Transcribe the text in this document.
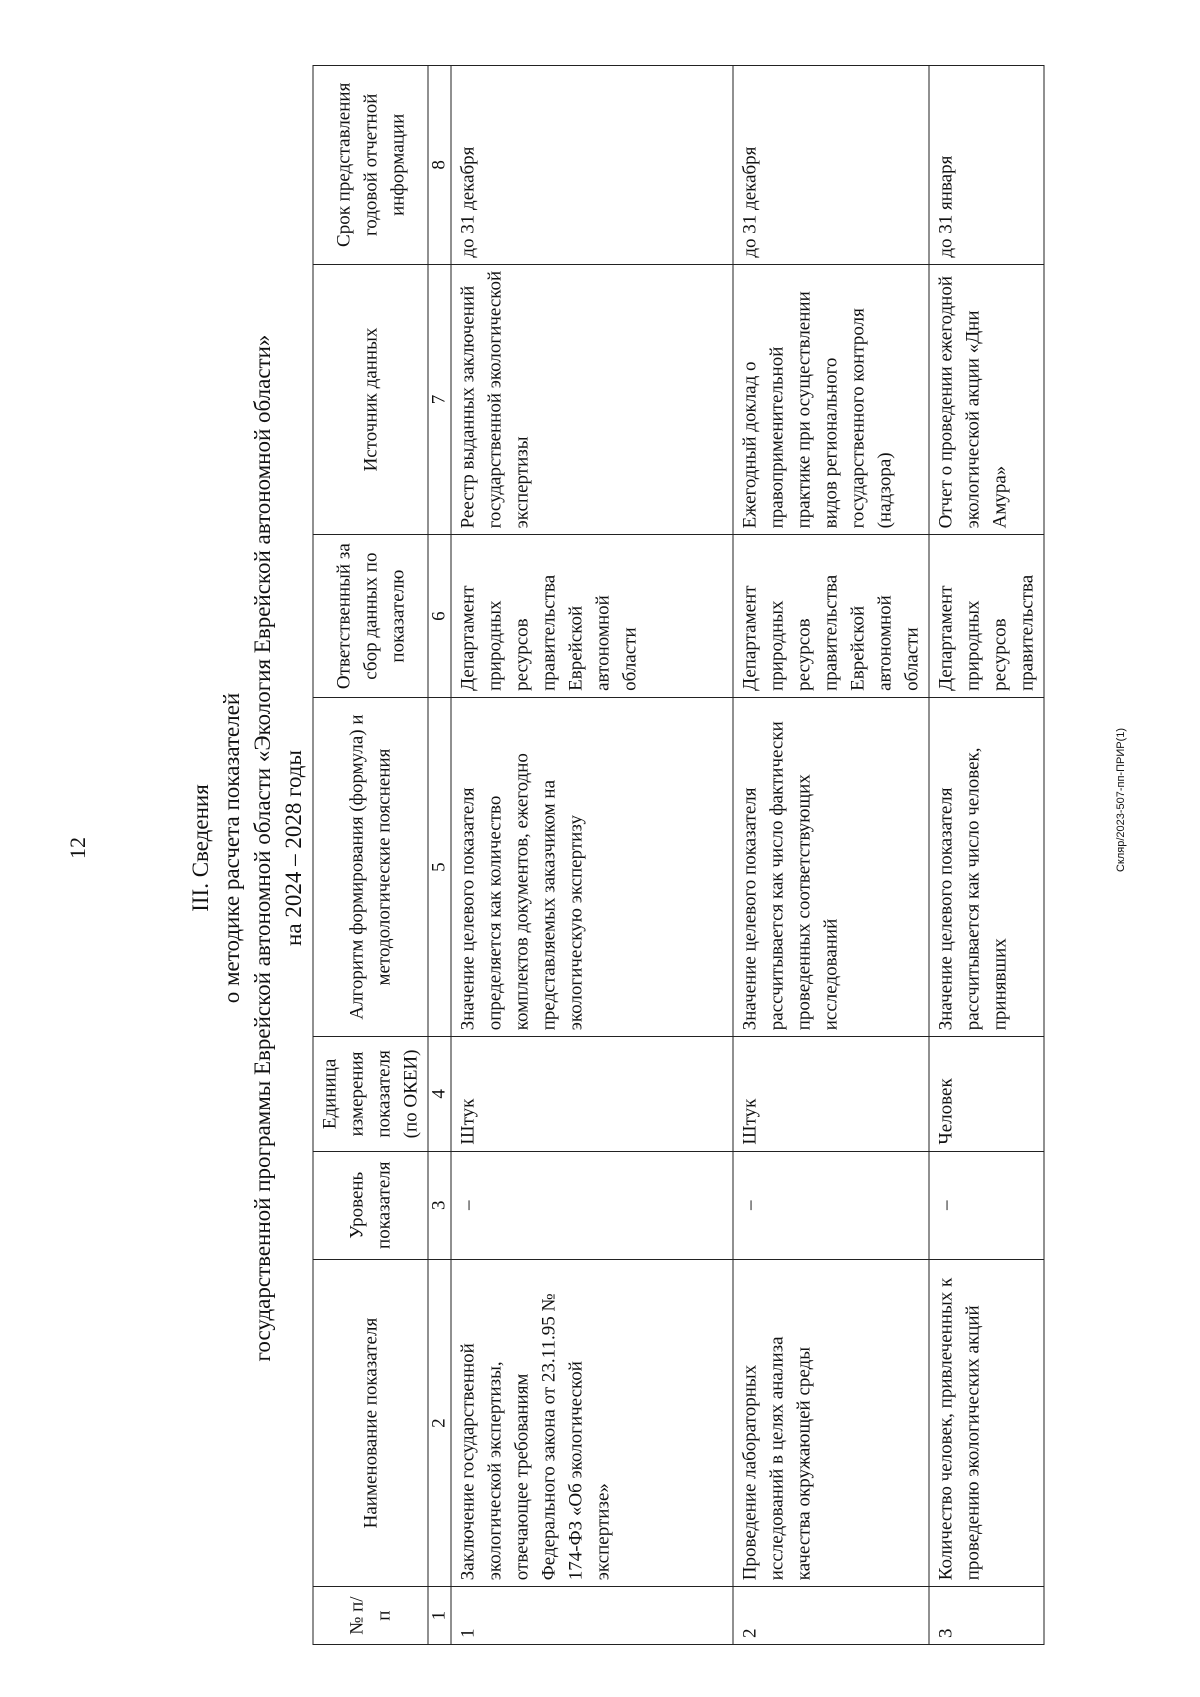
12	III. Сведения о методике расчета показателей государственной программы Еврейской автономной области «Экология Еврейской автономной области» на 2024 – 2028 годы	Скляр/2023-507-пп-ПРИР(1)
№ п/п	Наименование показателя	Уровень показателя	Единица измерения показателя (по ОКЕИ)	Алгоритм формирования (формула) и методологические пояснения	Ответственный за сбор данных по показателю	Источник данных	Срок представления годовой отчетной информации
1	2	3	4	5	6	7	8
1	Заключение государственной экологической экспертизы, отвечающее требованиям Федерального закона от 23.11.95 № 174-ФЗ «Об экологической экспертизе»	–	Штук	Значение целевого показателя определяется как количество комплектов документов, ежегодно представляемых заказчиком на экологическую экспертизу	Департамент природных ресурсов правительства Еврейской автономной области	Реестр выданных заключений государственной экологической экспертизы	до 31 декабря
2	Проведение лабораторных исследований в целях анализа качества окружающей среды	–	Штук	Значение целевого показателя рассчитывается как число фактически проведенных соответствующих исследований	Департамент природных ресурсов правительства Еврейской автономной области	Ежегодный доклад о правоприменительной практике при осуществлении видов регионального государственного контроля (надзора)	до 31 декабря
3	Количество человек, привлеченных к проведению экологических акций	–	Человек	Значение целевого показателя рассчитывается как число человек, принявших	Департамент природных ресурсов правительства	Отчет о проведении ежегодной экологической акции «Дни Амура»	до 31 января
